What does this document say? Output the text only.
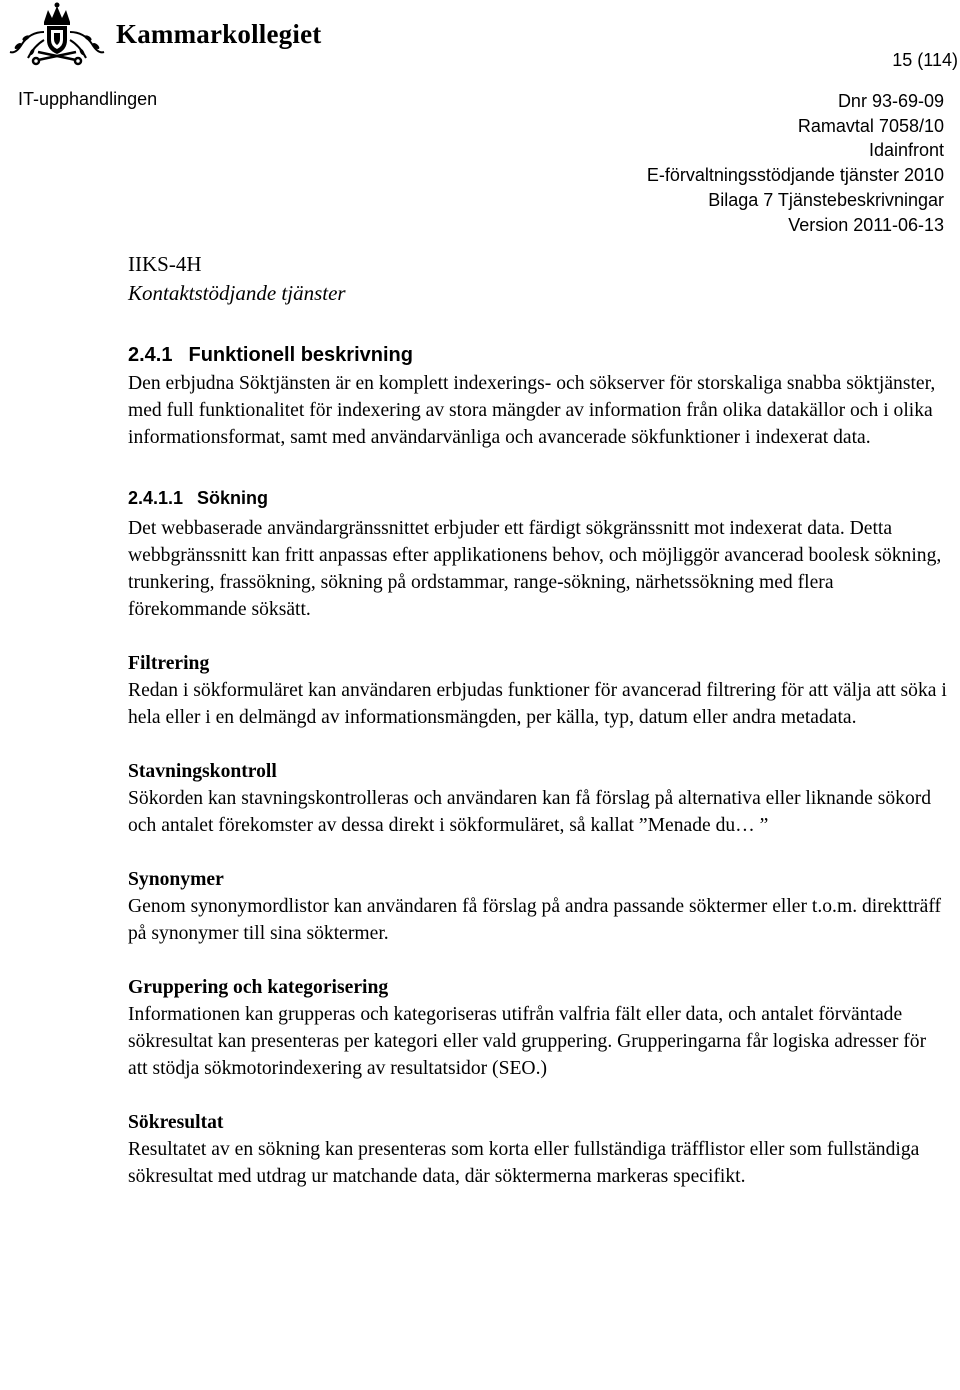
Kammarkollegiet
15 (114)
IT-upphandlingen	Dnr 93-69-09
Ramavtal 7058/10
Idainfront
E-förvaltningsstödjande tjänster 2010
Bilaga 7 Tjänstebeskrivningar
Version 2011-06-13
IIKS-4H
Kontaktstödjande tjänster
2.4.1 Funktionell beskrivning

Den erbjudna Söktjänsten är en komplett indexerings- och sökserver för storskaliga snabba söktjänster, med full funktionalitet för indexering av stora mängder av information från olika datakällor och i olika informationsformat, samt med användarvänliga och avancerade sökfunktioner i indexerat data.

2.4.1.1 Sökning

Det webbaserade användargränssnittet erbjuder ett färdigt sökgränssnitt mot indexerat data. Detta webbgränssnitt kan fritt anpassas efter applikationens behov, och möjliggör avancerad boolesk sökning, trunkering, frassökning, sökning på ordstammar, range-sökning, närhetssökning med flera förekommande söksätt.

Filtrering

Redan i sökformuläret kan användaren erbjudas funktioner för avancerad filtrering för att välja att söka i hela eller i en delmängd av informationsmängden, per källa, typ, datum eller andra metadata.

Stavningskontroll

Sökorden kan stavningskontrolleras och användaren kan få förslag på alternativa eller liknande sökord och antalet förekomster av dessa direkt i sökformuläret, så kallat ”Menade du… ”

Synonymer

Genom synonymordlistor kan användaren få förslag på andra passande söktermer eller t.o.m. direktträff på synonymer till sina söktermer.

Gruppering och kategorisering

Informationen kan grupperas och kategoriseras utifrån valfria fält eller data, och antalet förväntade sökresultat kan presenteras per kategori eller vald gruppering. Grupperingarna får logiska adresser för att stödja sökmotorindexering av resultatsidor (SEO.)

Sökresultat

Resultatet av en sökning kan presenteras som korta eller fullständiga träfflistor eller som fullständiga sökresultat med utdrag ur matchande data, där söktermerna markeras specifikt.
